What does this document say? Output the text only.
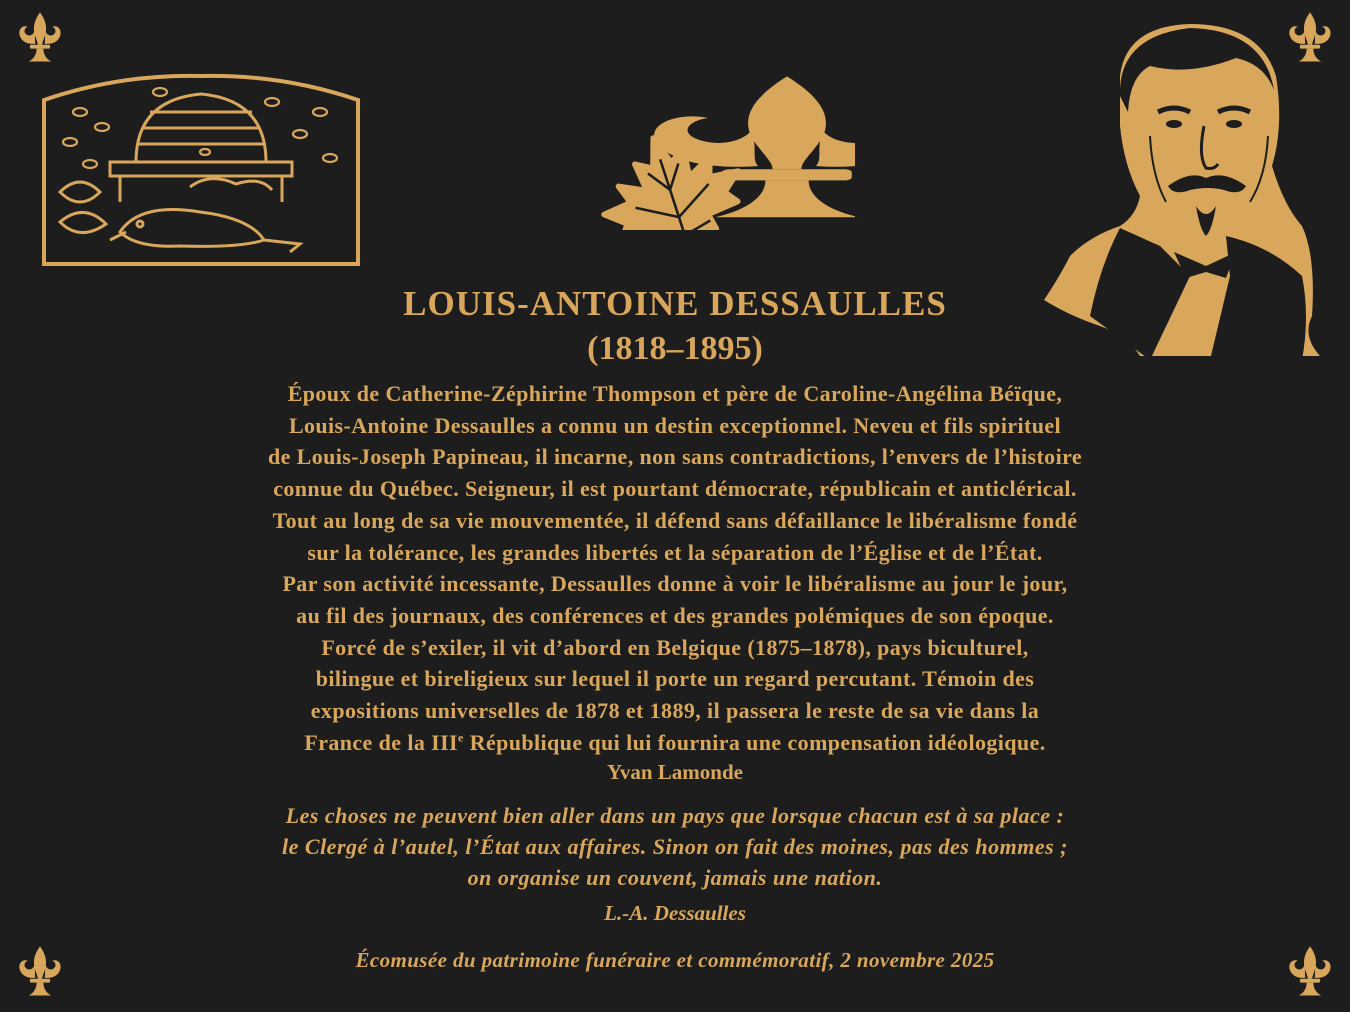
LOUIS-ANTOINE DESSAULLES
(1818–1895)
Époux de Catherine-Zéphirine Thompson et père de Caroline-Angélina Béïque,
Louis-Antoine Dessaulles a connu un destin exceptionnel. Neveu et fils spirituel
de Louis-Joseph Papineau, il incarne, non sans contradictions, l’envers de l’histoire
connue du Québec. Seigneur, il est pourtant démocrate, républicain et anticlérical.
Tout au long de sa vie mouvementée, il défend sans défaillance le libéralisme fondé
sur la tolérance, les grandes libertés et la séparation de l’Église et de l’État.
Par son activité incessante, Dessaulles donne à voir le libéralisme au jour le jour,
au fil des journaux, des conférences et des grandes polémiques de son époque.
Forcé de s’exiler, il vit d’abord en Belgique (1875–1878), pays biculturel,
bilingue et bireligieux sur lequel il porte un regard percutant. Témoin des
expositions universelles de 1878 et 1889, il passera le reste de sa vie dans la
France de la IIIe République qui lui fournira une compensation idéologique.
Yvan Lamonde
Les choses ne peuvent bien aller dans un pays que lorsque chacun est à sa place :
le Clergé à l’autel, l’État aux affaires. Sinon on fait des moines, pas des hommes ;
on organise un couvent, jamais une nation.
L.-A. Dessaulles
Écomusée du patrimoine funéraire et commémoratif, 2 novembre 2025
